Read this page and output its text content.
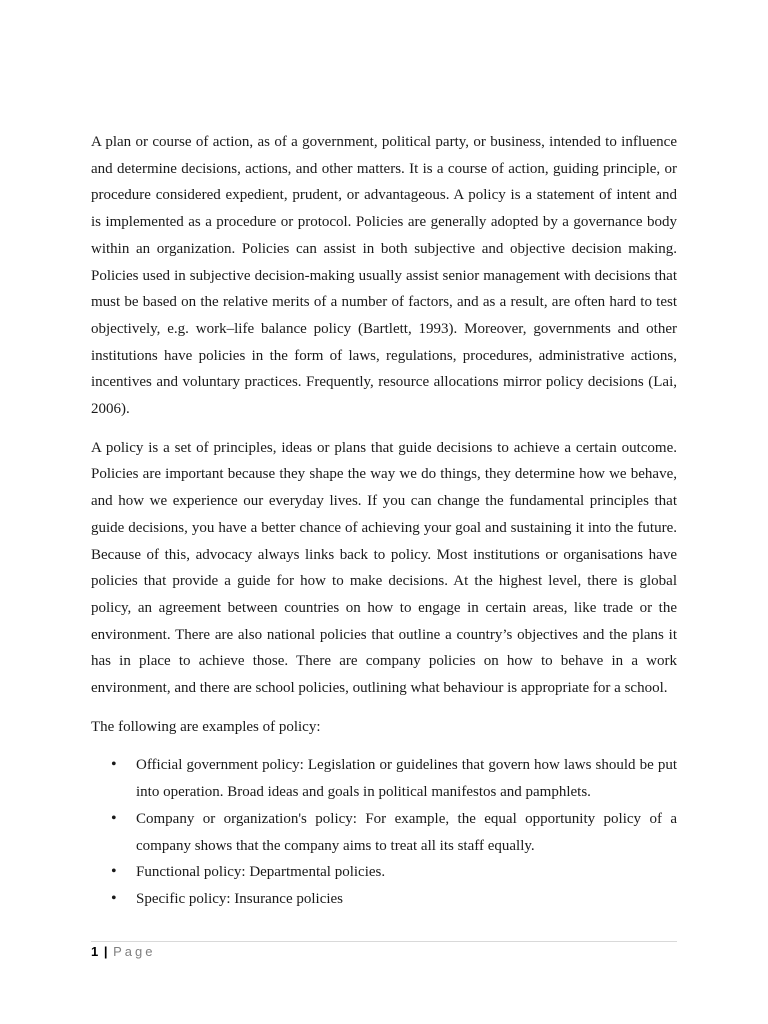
A plan or course of action, as of a government, political party, or business, intended to influence and determine decisions, actions, and other matters. It is a course of action, guiding principle, or procedure considered expedient, prudent, or advantageous. A policy is a statement of intent and is implemented as a procedure or protocol. Policies are generally adopted by a governance body within an organization. Policies can assist in both subjective and objective decision making. Policies used in subjective decision-making usually assist senior management with decisions that must be based on the relative merits of a number of factors, and as a result, are often hard to test objectively, e.g. work–life balance policy (Bartlett, 1993). Moreover, governments and other institutions have policies in the form of laws, regulations, procedures, administrative actions, incentives and voluntary practices. Frequently, resource allocations mirror policy decisions (Lai, 2006).

A policy is a set of principles, ideas or plans that guide decisions to achieve a certain outcome. Policies are important because they shape the way we do things, they determine how we behave, and how we experience our everyday lives. If you can change the fundamental principles that guide decisions, you have a better chance of achieving your goal and sustaining it into the future. Because of this, advocacy always links back to policy. Most institutions or organisations have policies that provide a guide for how to make decisions. At the highest level, there is global policy, an agreement between countries on how to engage in certain areas, like trade or the environment. There are also national policies that outline a country’s objectives and the plans it has in place to achieve those. There are company policies on how to behave in a work environment, and there are school policies, outlining what behaviour is appropriate for a school.

The following are examples of policy:

• Official government policy: Legislation or guidelines that govern how laws should be put into operation. Broad ideas and goals in political manifestos and pamphlets.
• Company or organization's policy: For example, the equal opportunity policy of a company shows that the company aims to treat all its staff equally.
• Functional policy: Departmental policies.
• Specific policy: Insurance policies
1 | Page
